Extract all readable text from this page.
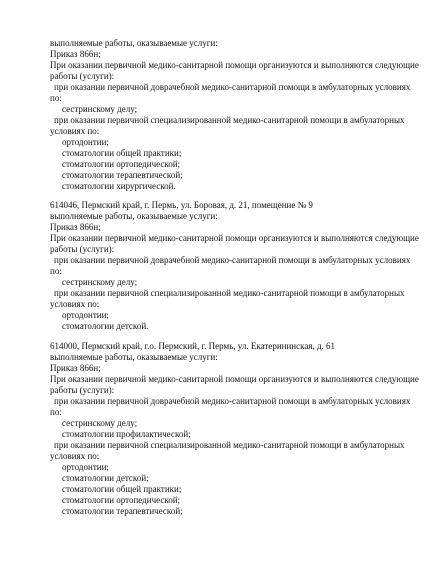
выполняемые работы, оказываемые услуги:
Приказ 866н;
При оказании первичной медико-санитарной помощи организуются и выполняются следующие
работы (услуги):
при оказании первичной доврачебной медико-санитарной помощи в амбулаторных условиях
по:
сестринскому делу;
при оказании первичной специализированной медико-санитарной помощи в амбулаторных
условиях по:
ортодонтии;
стоматологии общей практики;
стоматологии ортопедической;
стоматологии терапевтической;
стоматологии хирургической.
614046, Пермский край, г. Пермь, ул. Боровая, д. 21, помещение № 9
выполняемые работы, оказываемые услуги:
Приказ 866н;
При оказании первичной медико-санитарной помощи организуются и выполняются следующие
работы (услуги):
при оказании первичной доврачебной медико-санитарной помощи в амбулаторных условиях
по:
сестринскому делу;
при оказании первичной специализированной медико-санитарной помощи в амбулаторных
условиях по:
ортодонтии;
стоматологии детской.
614000, Пермский край, г.о. Пермский, г. Пермь, ул. Екатерининская, д. 61
выполняемые работы, оказываемые услуги:
Приказ 866н;
При оказании первичной медико-санитарной помощи организуются и выполняются следующие
работы (услуги):
при оказании первичной доврачебной медико-санитарной помощи в амбулаторных условиях
по:
сестринскому делу;
стоматологии профилактической;
при оказании первичной специализированной медико-санитарной помощи в амбулаторных
условиях по:
ортодонтии;
стоматологии детской;
стоматологии общей практики;
стоматологии ортопедической;
стоматологии терапевтической;
